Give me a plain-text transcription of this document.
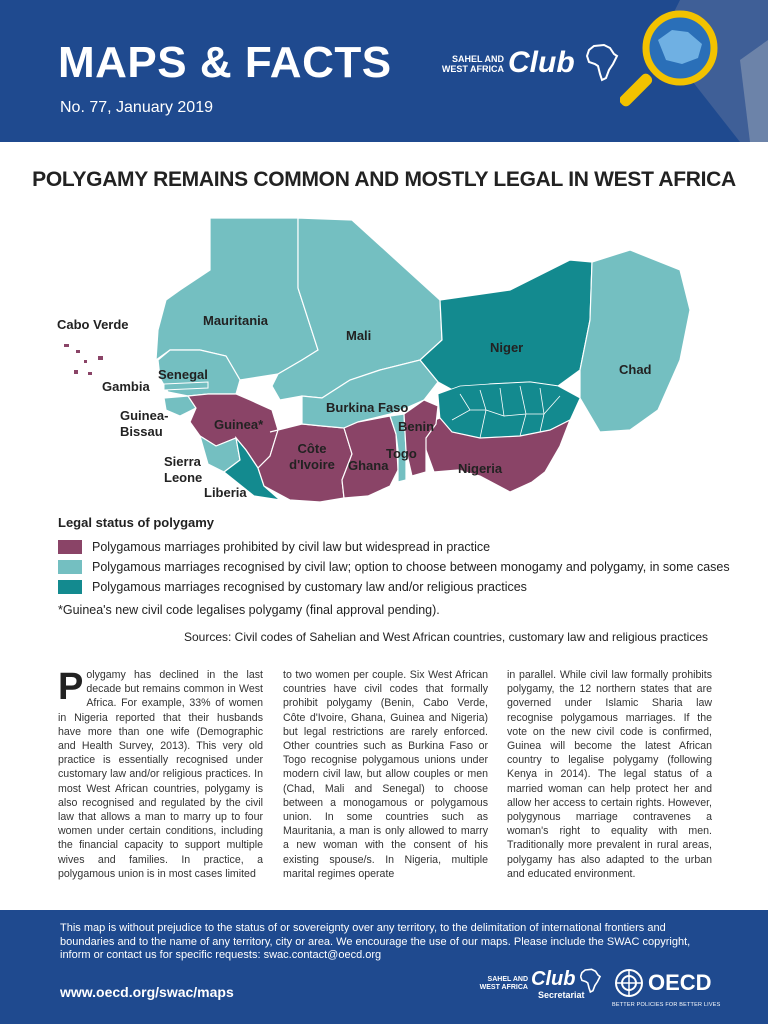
MAPS & FACTS
No. 77, January 2019
SAHEL AND WEST AFRICA Club
POLYGAMY REMAINS COMMON AND MOSTLY LEGAL IN WEST AFRICA
Cabo Verde	Mauritania
Mali
Niger
Chad
Senegal
Gambia
Guinea-Bissau	Guinea*
Sierra Leone
Liberia
Côte d'Ivoire
Burkina Faso
Ghana
Togo
Benin
Nigeria
Legal status of polygamy
Polygamous marriages prohibited by civil law but widespread in practice
Polygamous marriages recognised by civil law; option to choose between monogamy and polygamy, in some cases
Polygamous marriages recognised by customary law and/or religious practices
*Guinea's new civil code legalises polygamy (final approval pending).
Sources: Civil codes of Sahelian and West African countries, customary law and religious practices
P olygamy has declined in the last decade but remains common in West Africa. For example, 33% of women in Nigeria reported that their husbands have more than one wife (Demographic and Health Survey, 2013). This very old practice is essentially recognised under customary law and/or religious practices. In most West African countries, polygamy is also recognised and regulated by the civil law that allows a man to marry up to four women under certain conditions, including the financial capacity to support multiple wives and families. In practice, a polygamous union is in most cases limited
to two women per couple. Six West African countries have civil codes that formally prohibit polygamy (Benin, Cabo Verde, Côte d'Ivoire, Ghana, Guinea and Nigeria) but legal restrictions are rarely enforced. Other countries such as Burkina Faso or Togo recognise polygamous unions under modern civil law, but allow couples or men (Chad, Mali and Senegal) to choose between a monogamous or polygamous union. In some countries such as Mauritania, a man is only allowed to marry a new woman with the consent of his existing spouse/s. In Nigeria, multiple marital regimes operate
in parallel. While civil law formally prohibits polygamy, the 12 northern states that are governed under Islamic Sharia law recognise polygamous marriages. If the vote on the new civil code is confirmed, Guinea will become the latest African country to legalise polygamy (following Kenya in 2014). The legal status of a married woman can help protect her and allow her access to certain rights. However, polygynous marriage contravenes a woman's right to equality with men. Traditionally more prevalent in rural areas, polygamy has also adapted to the urban and educated environment.
This map is without prejudice to the status of or sovereignty over any territory, to the delimitation of international frontiers and boundaries and to the name of any territory, city or area. We encourage the use of our maps. Please include the SWAC copyright, inform or contact us for specific requests: swac.contact@oecd.org
www.oecd.org/swac/maps
SAHEL AND WEST AFRICA Club
Secretariat	OECD
BETTER POLICIES FOR BETTER LIVES
